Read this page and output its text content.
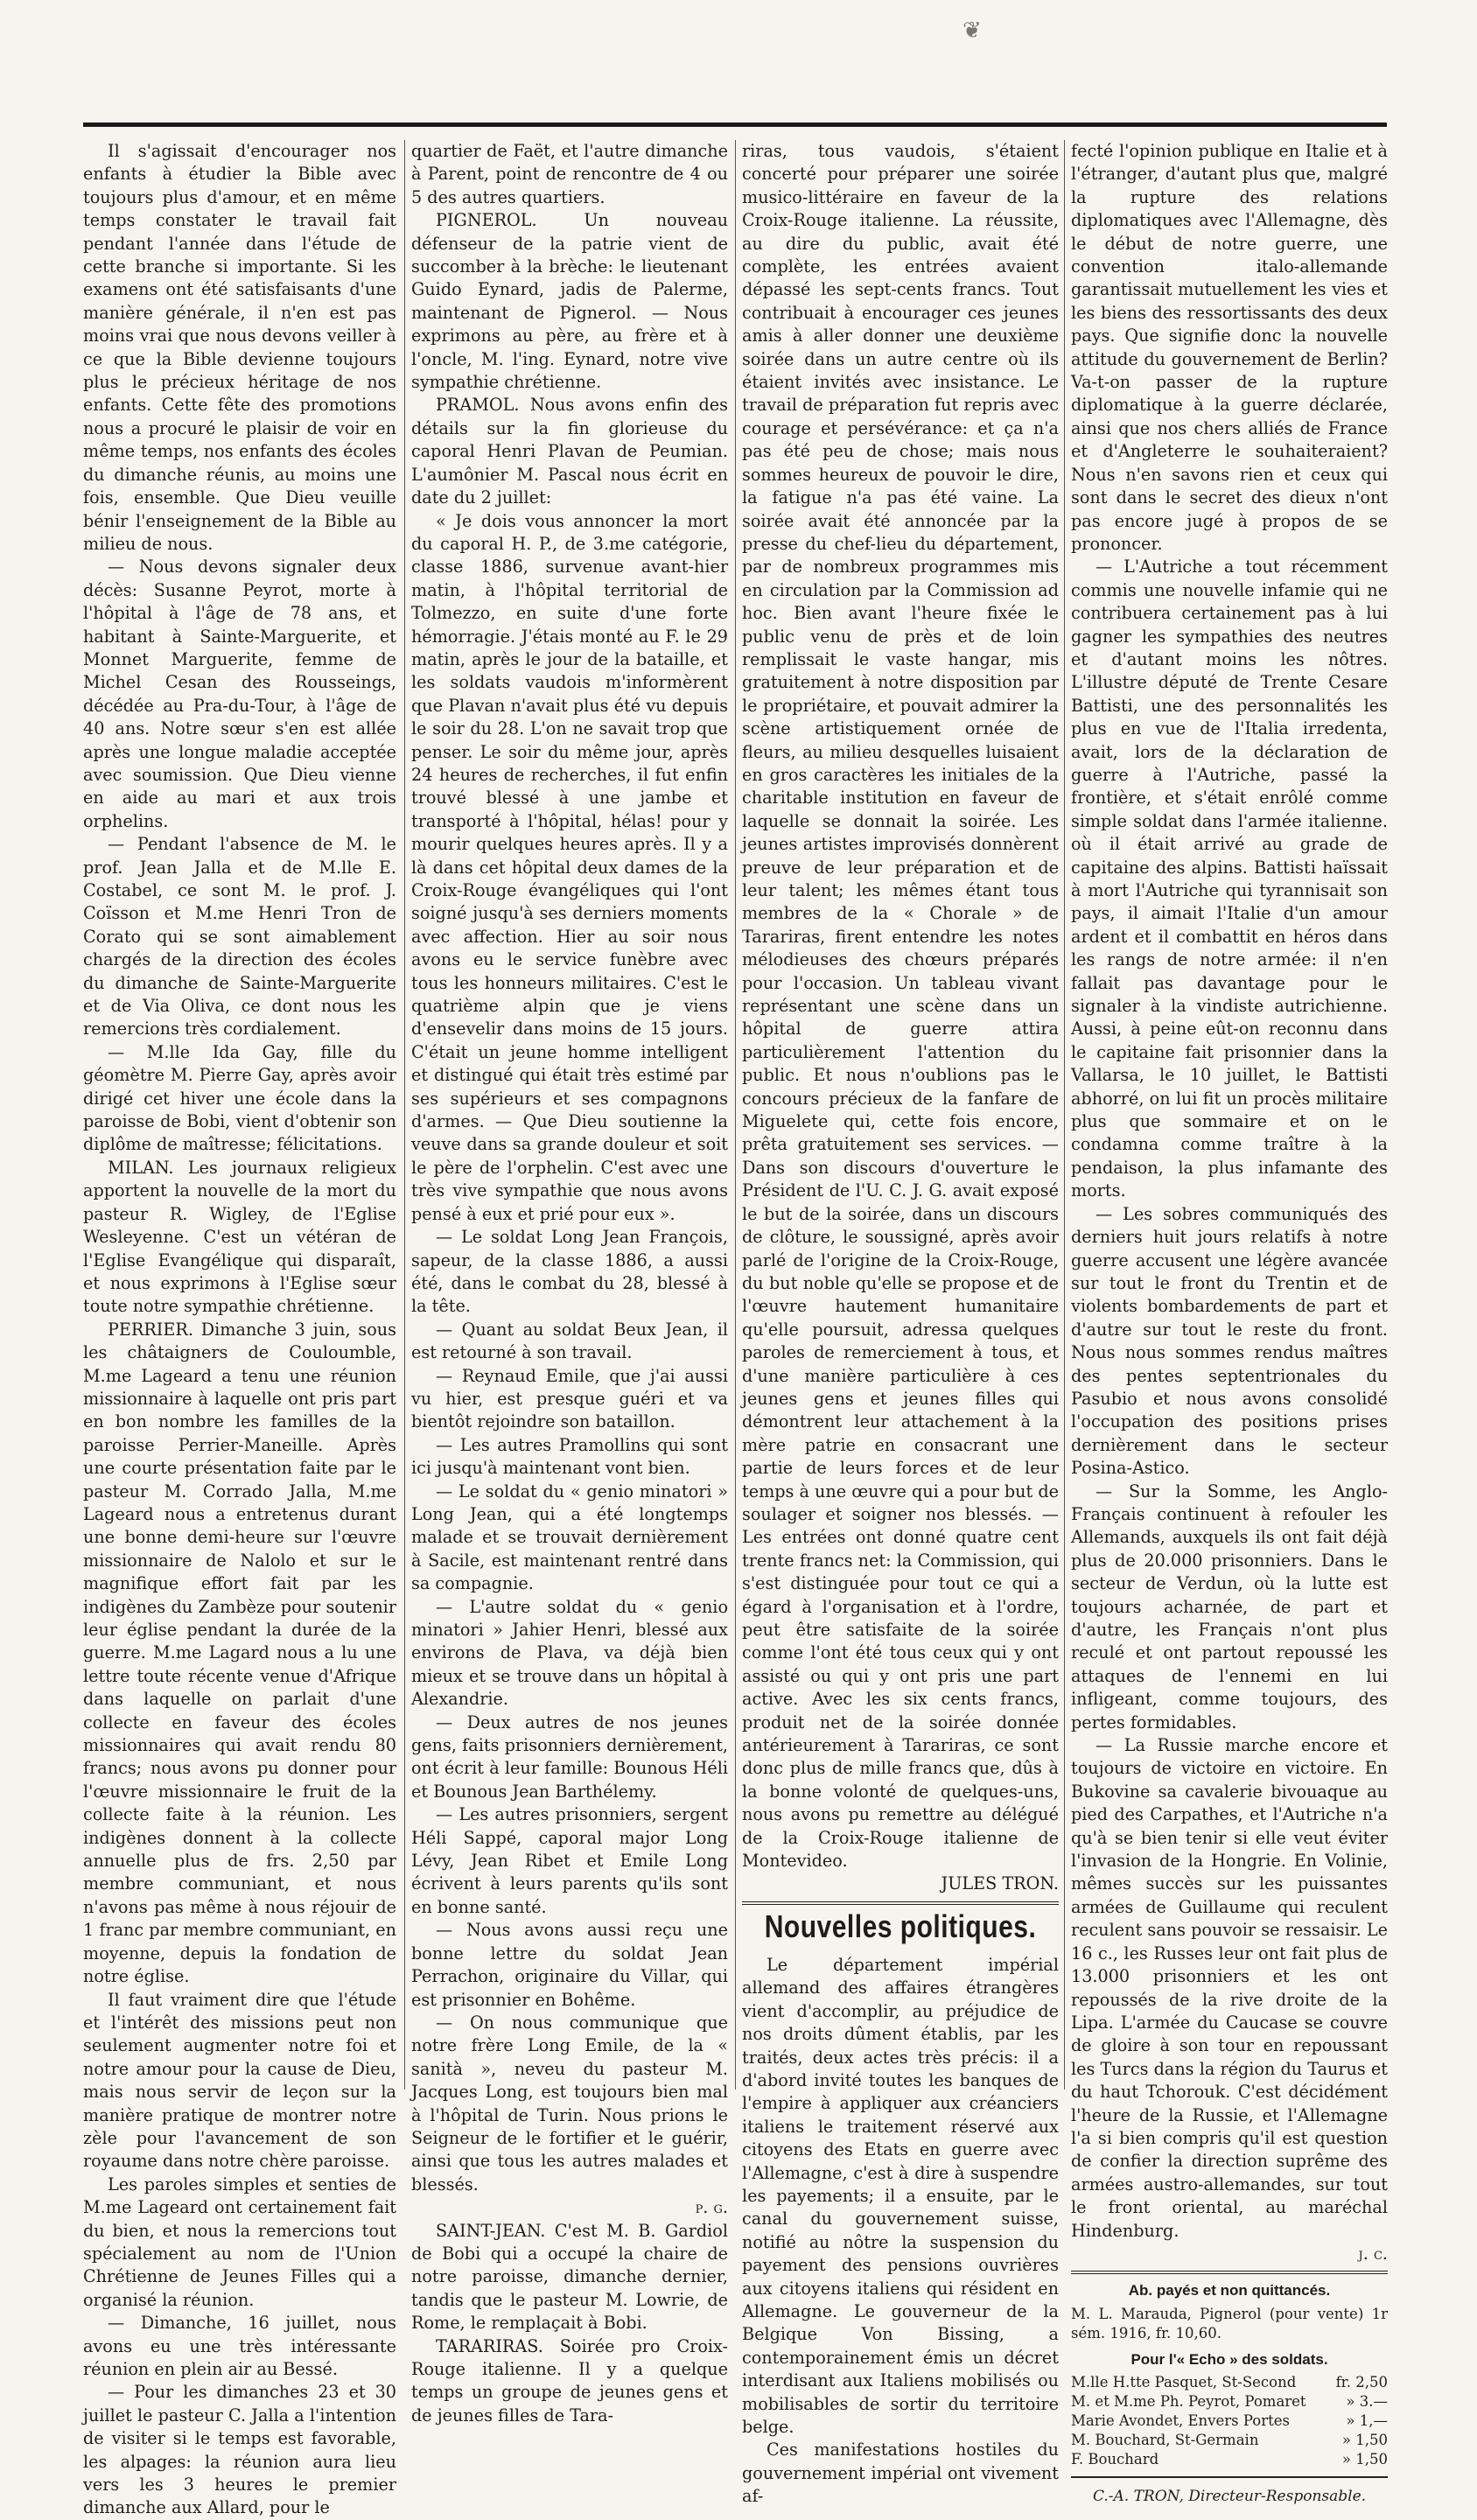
❦

Il s'agissait d'encourager nos enfants à étudier la Bible avec toujours plus d'amour, et en même temps constater le travail fait pendant l'année dans l'étude de cette branche si importante. Si les examens ont été satisfaisants d'une manière générale, il n'en est pas moins vrai que nous devons veiller à ce que la Bible devienne toujours plus le précieux héritage de nos enfants. Cette fête des promotions nous a procuré le plaisir de voir en même temps, nos enfants des écoles du dimanche réunis, au moins une fois, ensemble. Que Dieu veuille bénir l'enseignement de la Bible au milieu de nous.

— Nous devons signaler deux décès: Susanne Peyrot, morte à l'hôpital à l'âge de 78 ans, et habitant à Sainte-Marguerite, et Monnet Marguerite, femme de Michel Cesan des Rousseings, décédée au Pra-du-Tour, à l'âge de 40 ans. Notre sœur s'en est allée après une longue maladie acceptée avec soumission. Que Dieu vienne en aide au mari et aux trois orphelins.

— Pendant l'absence de M. le prof. Jean Jalla et de M.lle E. Costabel, ce sont M. le prof. J. Coïsson et M.me Henri Tron de Corato qui se sont aimablement chargés de la direction des écoles du dimanche de Sainte-Marguerite et de Via Oliva, ce dont nous les remercions très cordialement.

— M.lle Ida Gay, fille du géomètre M. Pierre Gay, après avoir dirigé cet hiver une école dans la paroisse de Bobi, vient d'obtenir son diplôme de maîtresse; félicitations.

MILAN. Les journaux religieux apportent la nouvelle de la mort du pasteur R. Wigley, de l'Eglise Wesleyenne. C'est un vétéran de l'Eglise Evangélique qui disparaît, et nous exprimons à l'Eglise sœur toute notre sympathie chrétienne.

PERRIER. Dimanche 3 juin, sous les châtaigners de Couloumble, M.me Lageard a tenu une réunion missionnaire à laquelle ont pris part en bon nombre les familles de la paroisse Perrier-Maneille. Après une courte présentation faite par le pasteur M. Corrado Jalla, M.me Lageard nous a entretenus durant une bonne demi-heure sur l'œuvre missionnaire de Nalolo et sur le magnifique effort fait par les indigènes du Zambèze pour soutenir leur église pendant la durée de la guerre. M.me Lagard nous a lu une lettre toute récente venue d'Afrique dans laquelle on parlait d'une collecte en faveur des écoles missionnaires qui avait rendu 80 francs; nous avons pu donner pour l'œuvre missionnaire le fruit de la collecte faite à la réunion. Les indigènes donnent à la collecte annuelle plus de frs. 2,50 par membre communiant, et nous n'avons pas même à nous réjouir de 1 franc par membre communiant, en moyenne, depuis la fondation de notre église.

Il faut vraiment dire que l'étude et l'intérêt des missions peut non seulement augmenter notre foi et notre amour pour la cause de Dieu, mais nous servir de leçon sur la manière pratique de montrer notre zèle pour l'avancement de son royaume dans notre chère paroisse.

Les paroles simples et senties de M.me Lageard ont certainement fait du bien, et nous la remercions tout spécialement au nom de l'Union Chrétienne de Jeunes Filles qui a organisé la réunion.

— Dimanche, 16 juillet, nous avons eu une très intéressante réunion en plein air au Bessé.

— Pour les dimanches 23 et 30 juillet le pasteur C. Jalla a l'intention de visiter si le temps est favorable, les alpages: la réunion aura lieu vers les 3 heures le premier dimanche aux Allard, pour le

quartier de Faët, et l'autre dimanche à Parent, point de rencontre de 4 ou 5 des autres quartiers.

PIGNEROL. Un nouveau défenseur de la patrie vient de succomber à la brèche: le lieutenant Guido Eynard, jadis de Palerme, maintenant de Pignerol. — Nous exprimons au père, au frère et à l'oncle, M. l'ing. Eynard, notre vive sympathie chrétienne.

PRAMOL. Nous avons enfin des détails sur la fin glorieuse du caporal Henri Plavan de Peumian. L'aumônier M. Pascal nous écrit en date du 2 juillet:

« Je dois vous annoncer la mort du caporal H. P., de 3.me catégorie, classe 1886, survenue avant-hier matin, à l'hôpital territorial de Tolmezzo, en suite d'une forte hémorragie. J'étais monté au F. le 29 matin, après le jour de la bataille, et les soldats vaudois m'informèrent que Plavan n'avait plus été vu depuis le soir du 28. L'on ne savait trop que penser. Le soir du même jour, après 24 heures de recherches, il fut enfin trouvé blessé à une jambe et transporté à l'hôpital, hélas! pour y mourir quelques heures après. Il y a là dans cet hôpital deux dames de la Croix-Rouge évangéliques qui l'ont soigné jusqu'à ses derniers moments avec affection. Hier au soir nous avons eu le service funèbre avec tous les honneurs militaires. C'est le quatrième alpin que je viens d'ensevelir dans moins de 15 jours. C'était un jeune homme intelligent et distingué qui était très estimé par ses supérieurs et ses compagnons d'armes. — Que Dieu soutienne la veuve dans sa grande douleur et soit le père de l'orphelin. C'est avec une très vive sympathie que nous avons pensé à eux et prié pour eux ».

— Le soldat Long Jean François, sapeur, de la classe 1886, a aussi été, dans le combat du 28, blessé à la tête.

— Quant au soldat Beux Jean, il est retourné à son travail.

— Reynaud Emile, que j'ai aussi vu hier, est presque guéri et va bientôt rejoindre son bataillon.

— Les autres Pramollins qui sont ici jusqu'à maintenant vont bien.

— Le soldat du « genio minatori » Long Jean, qui a été longtemps malade et se trouvait dernièrement à Sacile, est maintenant rentré dans sa compagnie.

— L'autre soldat du « genio minatori » Jahier Henri, blessé aux environs de Plava, va déjà bien mieux et se trouve dans un hôpital à Alexandrie.

— Deux autres de nos jeunes gens, faits prisonniers dernièrement, ont écrit à leur famille: Bounous Héli et Bounous Jean Barthélemy.

— Les autres prisonniers, sergent Héli Sappé, caporal major Long Lévy, Jean Ribet et Emile Long écrivent à leurs parents qu'ils sont en bonne santé.

— Nous avons aussi reçu une bonne lettre du soldat Jean Perrachon, originaire du Villar, qui est prisonnier en Bohême.

— On nous communique que notre frère Long Emile, de la « sanità », neveu du pasteur M. Jacques Long, est toujours bien mal à l'hôpital de Turin. Nous prions le Seigneur de le fortifier et le guérir, ainsi que tous les autres malades et blessés.

p. g.

SAINT-JEAN. C'est M. B. Gardiol de Bobi qui a occupé la chaire de notre paroisse, dimanche dernier, tandis que le pasteur M. Lowrie, de Rome, le remplaçait à Bobi.

TARARIRAS. Soirée pro Croix-Rouge italienne. Il y a quelque temps un groupe de jeunes gens et de jeunes filles de Tara-

riras, tous vaudois, s'étaient concerté pour préparer une soirée musico-littéraire en faveur de la Croix-Rouge italienne. La réussite, au dire du public, avait été complète, les entrées avaient dépassé les sept-cents francs. Tout contribuait à encourager ces jeunes amis à aller donner une deuxième soirée dans un autre centre où ils étaient invités avec insistance. Le travail de préparation fut repris avec courage et persévérance: et ça n'a pas été peu de chose; mais nous sommes heureux de pouvoir le dire, la fatigue n'a pas été vaine. La soirée avait été annoncée par la presse du chef-lieu du département, par de nombreux programmes mis en circulation par la Commission ad hoc. Bien avant l'heure fixée le public venu de près et de loin remplissait le vaste hangar, mis gratuitement à notre disposition par le propriétaire, et pouvait admirer la scène artistiquement ornée de fleurs, au milieu desquelles luisaient en gros caractères les initiales de la charitable institution en faveur de laquelle se donnait la soirée. Les jeunes artistes improvisés donnèrent preuve de leur préparation et de leur talent; les mêmes étant tous membres de la « Chorale » de Tarariras, firent entendre les notes mélodieuses des chœurs préparés pour l'occasion. Un tableau vivant représentant une scène dans un hôpital de guerre attira particulièrement l'attention du public. Et nous n'oublions pas le concours précieux de la fanfare de Miguelete qui, cette fois encore, prêta gratuitement ses services. — Dans son discours d'ouverture le Président de l'U. C. J. G. avait exposé le but de la soirée, dans un discours de clôture, le soussigné, après avoir parlé de l'origine de la Croix-Rouge, du but noble qu'elle se propose et de l'œuvre hautement humanitaire qu'elle poursuit, adressa quelques paroles de remerciement à tous, et d'une manière particulière à ces jeunes gens et jeunes filles qui démontrent leur attachement à la mère patrie en consacrant une partie de leurs forces et de leur temps à une œuvre qui a pour but de soulager et soigner nos blessés. — Les entrées ont donné quatre cent trente francs net: la Commission, qui s'est distinguée pour tout ce qui a égard à l'organisation et à l'ordre, peut être satisfaite de la soirée comme l'ont été tous ceux qui y ont assisté ou qui y ont pris une part active. Avec les six cents francs, produit net de la soirée donnée antérieurement à Tarariras, ce sont donc plus de mille francs que, dûs à la bonne volonté de quelques-uns, nous avons pu remettre au délégué de la Croix-Rouge italienne de Montevideo.

JULES TRON.
Nouvelles politiques.

Le département impérial allemand des affaires étrangères vient d'accomplir, au préjudice de nos droits dûment établis, par les traités, deux actes très précis: il a d'abord invité toutes les banques de l'empire à appliquer aux créanciers italiens le traitement réservé aux citoyens des Etats en guerre avec l'Allemagne, c'est à dire à suspendre les payements; il a ensuite, par le canal du gouvernement suisse, notifié au nôtre la suspension du payement des pensions ouvrières aux citoyens italiens qui résident en Allemagne. Le gouverneur de la Belgique Von Bissing, a contemporainement émis un décret interdisant aux Italiens mobilisés ou mobilisables de sortir du territoire belge.

Ces manifestations hostiles du gouvernement impérial ont vivement af-

fecté l'opinion publique en Italie et à l'étranger, d'autant plus que, malgré la rupture des relations diplomatiques avec l'Allemagne, dès le début de notre guerre, une convention italo-allemande garantissait mutuellement les vies et les biens des ressortissants des deux pays. Que signifie donc la nouvelle attitude du gouvernement de Berlin? Va-t-on passer de la rupture diplomatique à la guerre déclarée, ainsi que nos chers alliés de France et d'Angleterre le souhaiteraient? Nous n'en savons rien et ceux qui sont dans le secret des dieux n'ont pas encore jugé à propos de se prononcer.

— L'Autriche a tout récemment commis une nouvelle infamie qui ne contribuera certainement pas à lui gagner les sympathies des neutres et d'autant moins les nôtres. L'illustre député de Trente Cesare Battisti, une des personnalités les plus en vue de l'Italia irredenta, avait, lors de la déclaration de guerre à l'Autriche, passé la frontière, et s'était enrôlé comme simple soldat dans l'armée italienne. où il était arrivé au grade de capitaine des alpins. Battisti haïssait à mort l'Autriche qui tyrannisait son pays, il aimait l'Italie d'un amour ardent et il combattit en héros dans les rangs de notre armée: il n'en fallait pas davantage pour le signaler à la vindiste autrichienne. Aussi, à peine eût-on reconnu dans le capitaine fait prisonnier dans la Vallarsa, le 10 juillet, le Battisti abhorré, on lui fit un procès militaire plus que sommaire et on le condamna comme traître à la pendaison, la plus infamante des morts.

— Les sobres communiqués des derniers huit jours relatifs à notre guerre accusent une légère avancée sur tout le front du Trentin et de violents bombardements de part et d'autre sur tout le reste du front. Nous nous sommes rendus maîtres des pentes septentrionales du Pasubio et nous avons consolidé l'occupation des positions prises dernièrement dans le secteur Posina-Astico.

— Sur la Somme, les Anglo-Français continuent à refouler les Allemands, auxquels ils ont fait déjà plus de 20.000 prisonniers. Dans le secteur de Verdun, où la lutte est toujours acharnée, de part et d'autre, les Français n'ont plus reculé et ont partout repoussé les attaques de l'ennemi en lui infligeant, comme toujours, des pertes formidables.

— La Russie marche encore et toujours de victoire en victoire. En Bukovine sa cavalerie bivouaque au pied des Carpathes, et l'Autriche n'a qu'à se bien tenir si elle veut éviter l'invasion de la Hongrie. En Volinie, mêmes succès sur les puissantes armées de Guillaume qui reculent reculent sans pouvoir se ressaisir. Le 16 c., les Russes leur ont fait plus de 13.000 prisonniers et les ont repoussés de la rive droite de la Lipa. L'armée du Caucase se couvre de gloire à son tour en repoussant les Turcs dans la région du Taurus et du haut Tchorouk. C'est décidément l'heure de la Russie, et l'Allemagne l'a si bien compris qu'il est question de confier la direction suprême des armées austro-allemandes, sur tout le front oriental, au maréchal Hindenburg.

j. c.
Ab. payés et non quittancés.

M. L. Marauda, Pignerol (pour vente) 1r sém. 1916, fr. 10,60.

Pour l'« Echo » des soldats.
M.lle H.tte Pasquet, St-Second	fr. 2,50
M. et M.me Ph. Peyrot, Pomaret	» 3.—
Marie Avondet, Envers Portes	» 1,—
M. Bouchard, St-Germain	» 1,50
F. Bouchard	» 1,50
C.-A. TRON, Directeur-Responsable.
